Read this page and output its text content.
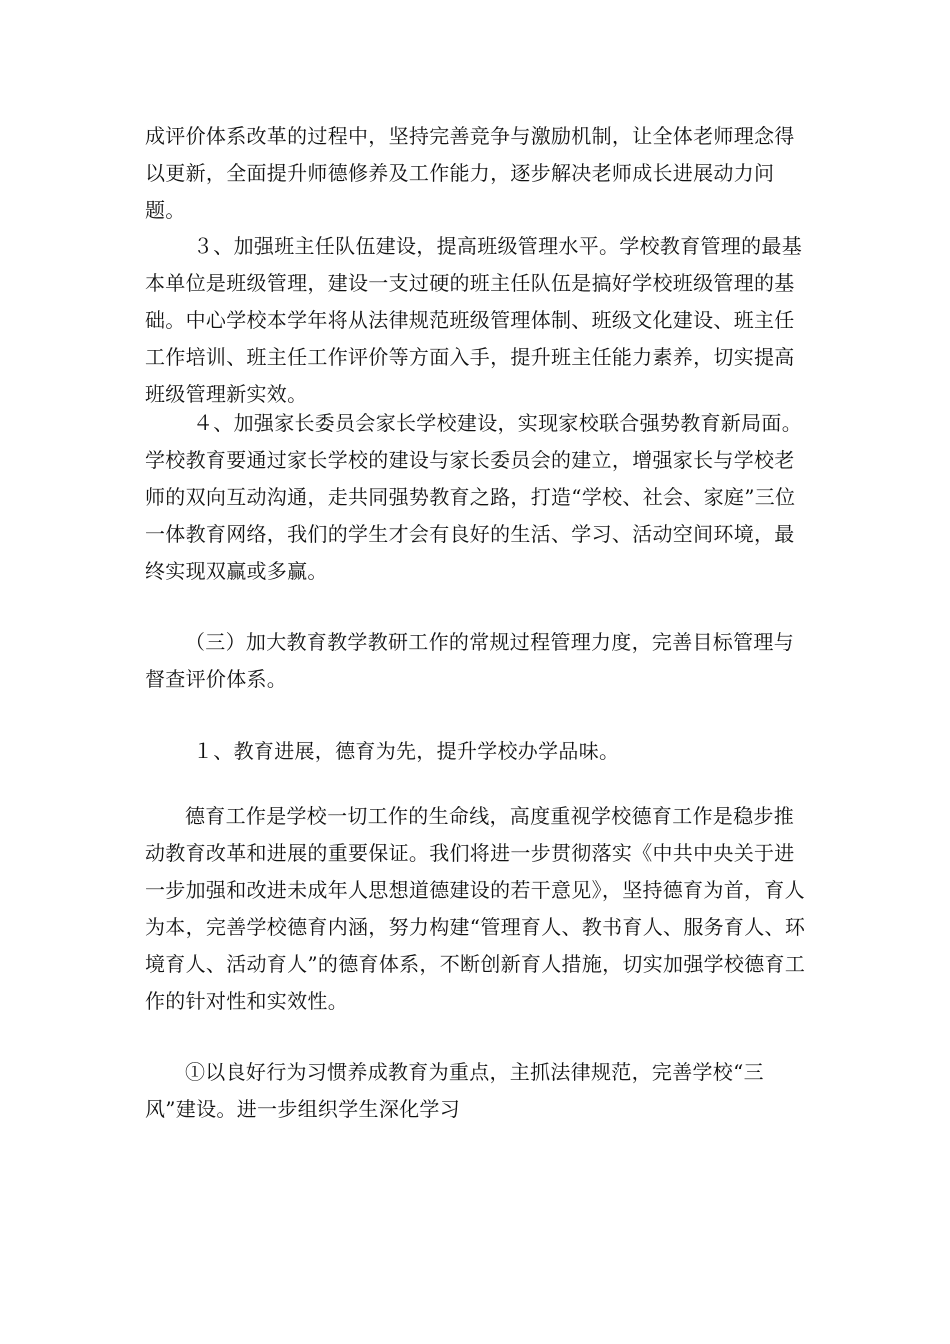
成评价体系改革的过程中，坚持完善竞争与激励机制，让全体老师理念得以更新，全面提升师德修养及工作能力，逐步解决老师成长进展动力问题。

３、加强班主任队伍建设，提高班级管理水平。学校教育管理的最基本单位是班级管理，建设一支过硬的班主任队伍是搞好学校班级管理的基础。中心学校本学年将从法律规范班级管理体制、班级文化建设、班主任工作培训、班主任工作评价等方面入手，提升班主任能力素养，切实提高班级管理新实效。

４、加强家长委员会家长学校建设，实现家校联合强势教育新局面。学校教育要通过家长学校的建设与家长委员会的建立，增强家长与学校老师的双向互动沟通，走共同强势教育之路，打造“学校、社会、家庭”三位一体教育网络，我们的学生才会有良好的生活、学习、活动空间环境，最终实现双赢或多赢。

（三）加大教育教学教研工作的常规过程管理力度，完善目标管理与督查评价体系。

１、教育进展，德育为先，提升学校办学品味。

德育工作是学校一切工作的生命线，高度重视学校德育工作是稳步推动教育改革和进展的重要保证。我们将进一步贯彻落实《中共中央关于进一步加强和改进未成年人思想道德建设的若干意见》，坚持德育为首，育人为本，完善学校德育内涵，努力构建“管理育人、教书育人、服务育人、环境育人、活动育人”的德育体系，不断创新育人措施，切实加强学校德育工作的针对性和实效性。

①以良好行为习惯养成教育为重点，主抓法律规范，完善学校“三风”建设。进一步组织学生深化学习
